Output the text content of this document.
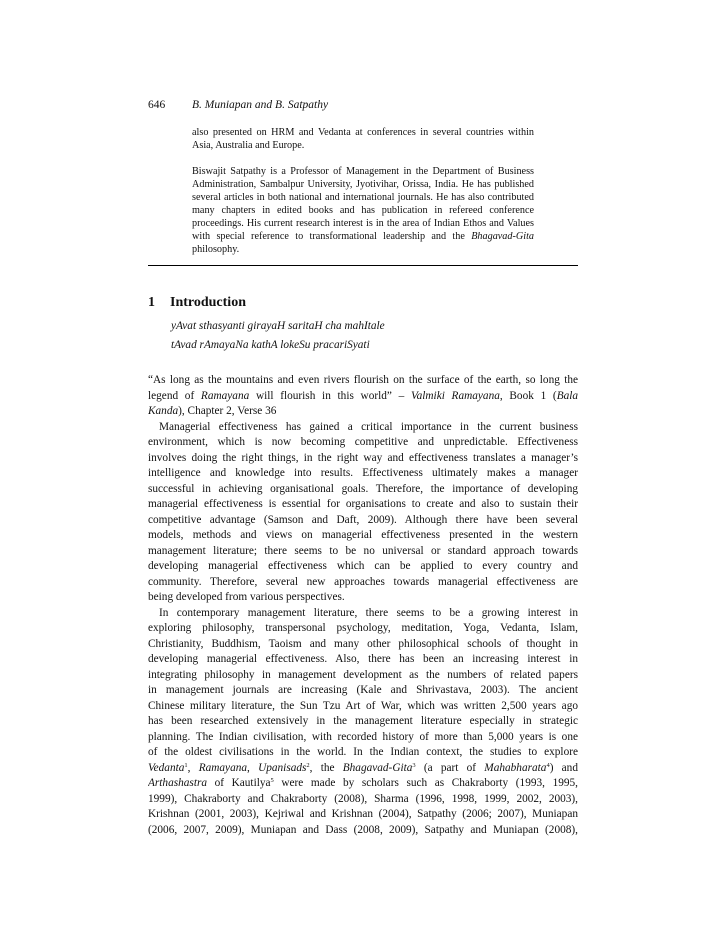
646 B. Muniapan and B. Satpathy
also presented on HRM and Vedanta at conferences in several countries within Asia, Australia and Europe.
Biswajit Satpathy is a Professor of Management in the Department of Business Administration, Sambalpur University, Jyotivihar, Orissa, India. He has published several articles in both national and international journals. He has also contributed many chapters in edited books and has publication in refereed conference proceedings. His current research interest is in the area of Indian Ethos and Values with special reference to transformational leadership and the Bhagavad-Gita philosophy.
1 Introduction
yAvat sthasyanti girayaH saritaH cha mahItale
tAvad rAmayaNa kathA lokeSu pracariSyati
“As long as the mountains and even rivers flourish on the surface of the earth, so long the
legend of Ramayana will flourish in this world” – Valmiki Ramayana, Book 1 (Bala
Kanda), Chapter 2, Verse 36
Managerial effectiveness has gained a critical importance in the current business
environment, which is now becoming competitive and unpredictable. Effectiveness
involves doing the right things, in the right way and effectiveness translates a manager’s
intelligence and knowledge into results. Effectiveness ultimately makes a manager
successful in achieving organisational goals. Therefore, the importance of developing
managerial effectiveness is essential for organisations to create and also to sustain their
competitive advantage (Samson and Daft, 2009). Although there have been several
models, methods and views on managerial effectiveness presented in the western
management literature; there seems to be no universal or standard approach towards
developing managerial effectiveness which can be applied to every country and
community. Therefore, several new approaches towards managerial effectiveness are
being developed from various perspectives.
In contemporary management literature, there seems to be a growing interest in
exploring philosophy, transpersonal psychology, meditation, Yoga, Vedanta, Islam,
Christianity, Buddhism, Taoism and many other philosophical schools of thought in
developing managerial effectiveness. Also, there has been an increasing interest in
integrating philosophy in management development as the numbers of related papers
in management journals are increasing (Kale and Shrivastava, 2003). The ancient
Chinese military literature, the Sun Tzu Art of War, which was written 2,500 years ago
has been researched extensively in the management literature especially in strategic
planning. The Indian civilisation, with recorded history of more than 5,000 years is one
of the oldest civilisations in the world. In the Indian context, the studies to explore
Vedanta$^1$, Ramayana, Upanisads$^2$, the Bhagavad-Gita$^3$ (a part of Mahabharata$^4$) and
Arthashastra of Kautilya$^5$ were made by scholars such as Chakraborty (1993, 1995,
1999), Chakraborty and Chakraborty (2008), Sharma (1996, 1998, 1999, 2002, 2003),
Krishnan (2001, 2003), Kejriwal and Krishnan (2004), Satpathy (2006; 2007), Muniapan
(2006, 2007, 2009), Muniapan and Dass (2008, 2009), Satpathy and Muniapan (2008),
